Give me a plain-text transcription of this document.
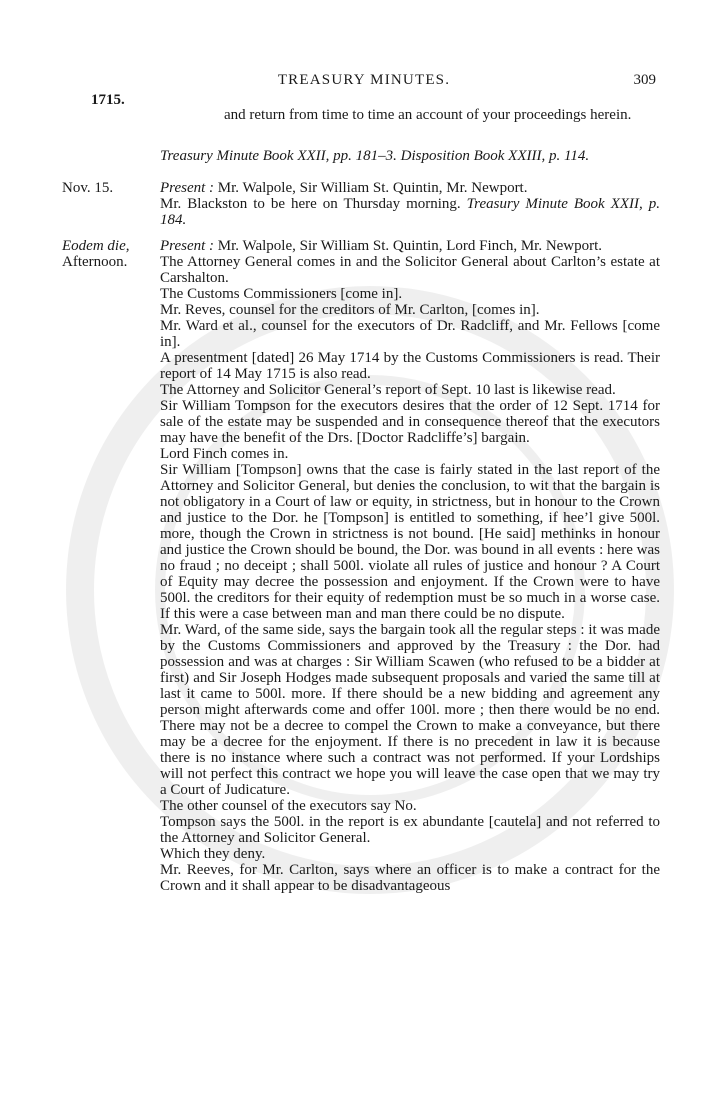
TREASURY MINUTES.	309
1715.

and return from time to time an account of your proceedings herein.

Treasury Minute Book XXII, pp. 181–3. Disposition Book XXIII, p. 114.

Nov. 15.	Present : Mr. Walpole, Sir William St. Quintin, Mr. Newport.

Mr. Blackston to be here on Thursday morning. Treasury Minute Book XXII, p. 184.

Eodem die,
Afternoon.

Present : Mr. Walpole, Sir William St. Quintin, Lord Finch, Mr. Newport.

The Attorney General comes in and the Solicitor General about Carlton’s estate at Carshalton.

The Customs Commissioners [come in].

Mr. Reves, counsel for the creditors of Mr. Carlton, [comes in].

Mr. Ward et al., counsel for the executors of Dr. Radcliff, and Mr. Fellows [come in].

A presentment [dated] 26 May 1714 by the Customs Commissioners is read. Their report of 14 May 1715 is also read.

The Attorney and Solicitor General’s report of Sept. 10 last is likewise read.

Sir William Tompson for the executors desires that the order of 12 Sept. 1714 for sale of the estate may be suspended and in consequence thereof that the executors may have the benefit of the Drs. [Doctor Radcliffe’s] bargain.

Lord Finch comes in.

Sir William [Tompson] owns that the case is fairly stated in the last report of the Attorney and Solicitor General, but denies the conclusion, to wit that the bargain is not obligatory in a Court of law or equity, in strictness, but in honour to the Crown and justice to the Dor. he [Tompson] is entitled to something, if hee’l give 500l. more, though the Crown in strictness is not bound. [He said] methinks in honour and justice the Crown should be bound, the Dor. was bound in all events : here was no fraud ; no deceipt ; shall 500l. violate all rules of justice and honour ? A Court of Equity may decree the possession and enjoyment. If the Crown were to have 500l. the creditors for their equity of redemption must be so much in a worse case. If this were a case between man and man there could be no dispute.

Mr. Ward, of the same side, says the bargain took all the regular steps : it was made by the Customs Commissioners and approved by the Treasury : the Dor. had possession and was at charges : Sir William Scawen (who refused to be a bidder at first) and Sir Joseph Hodges made subsequent proposals and varied the same till at last it came to 500l. more. If there should be a new bidding and agreement any person might afterwards come and offer 100l. more ; then there would be no end. There may not be a decree to compel the Crown to make a conveyance, but there may be a decree for the enjoyment. If there is no precedent in law it is because there is no instance where such a contract was not performed. If your Lordships will not perfect this contract we hope you will leave the case open that we may try a Court of Judicature.

The other counsel of the executors say No.

Tompson says the 500l. in the report is ex abundante [cautela] and not referred to the Attorney and Solicitor General.

Which they deny.

Mr. Reeves, for Mr. Carlton, says where an officer is to make a contract for the Crown and it shall appear to be disadvantageous
